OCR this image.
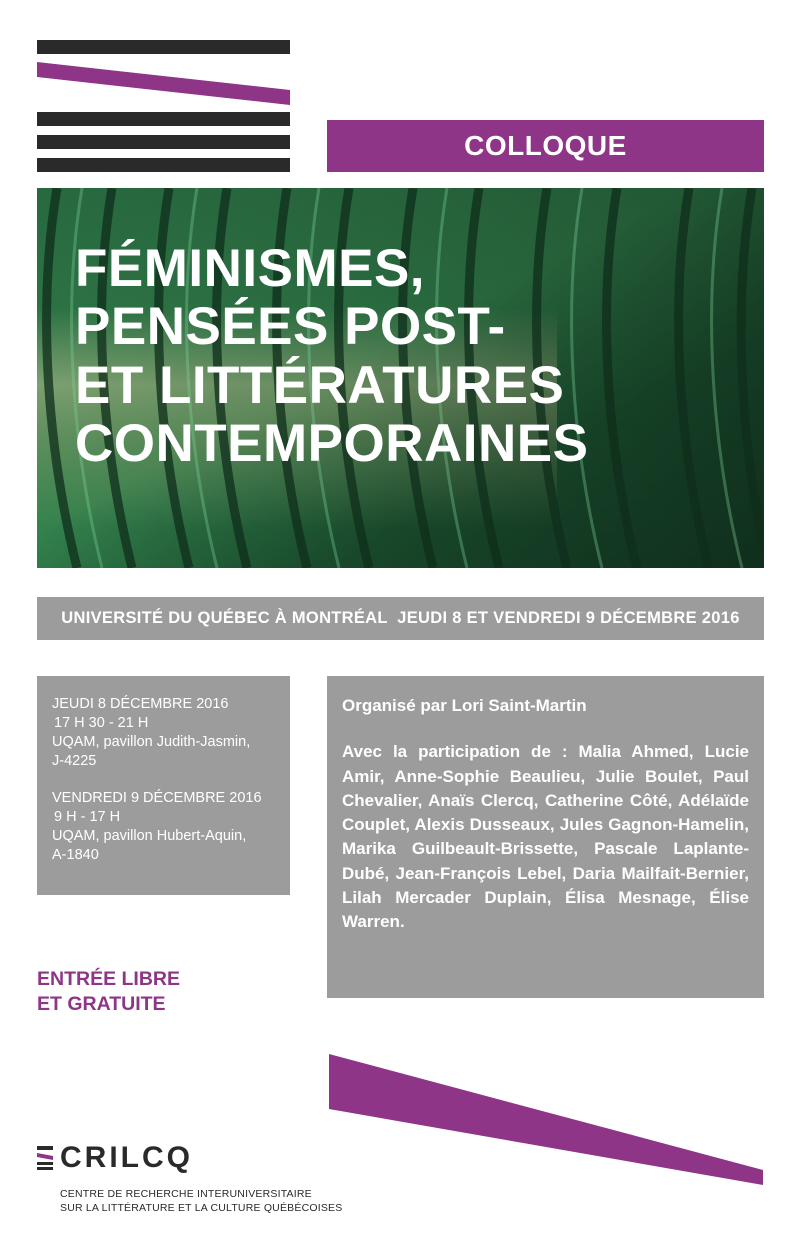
COLLOQUE
FÉMINISMES,
PENSÉES POST-
ET LITTÉRATURES
CONTEMPORAINES
UNIVERSITÉ DU QUÉBEC À MONTRÉAL  JEUDI 8 ET VENDREDI 9 DÉCEMBRE 2016
JEUDI 8 DÉCEMBRE 2016
17 H 30 - 21 H
UQAM, pavillon Judith-Jasmin,
J-4225
VENDREDI 9 DÉCEMBRE 2016
9 H - 17 H
UQAM, pavillon Hubert-Aquin,
A-1840
Organisé par Lori Saint-Martin
Avec la participation de : Malia Ahmed, Lucie Amir, Anne-Sophie Beaulieu, Julie Boulet, Paul Chevalier, Anaïs Clercq, Catherine Côté, Adélaïde Couplet, Alexis Dusseaux, Jules Gagnon-Hamelin, Marika Guilbeault-Brissette, Pascale Laplante-Dubé, Jean-François Lebel, Daria Mailfait-Bernier, Lilah Mercader Duplain, Élisa Mesnage, Élise Warren.
ENTRÉE LIBRE
ET GRATUITE
CRILCQ
CENTRE DE RECHERCHE INTERUNIVERSITAIRE
SUR LA LITTÉRATURE ET LA CULTURE QUÉBÉCOISES
